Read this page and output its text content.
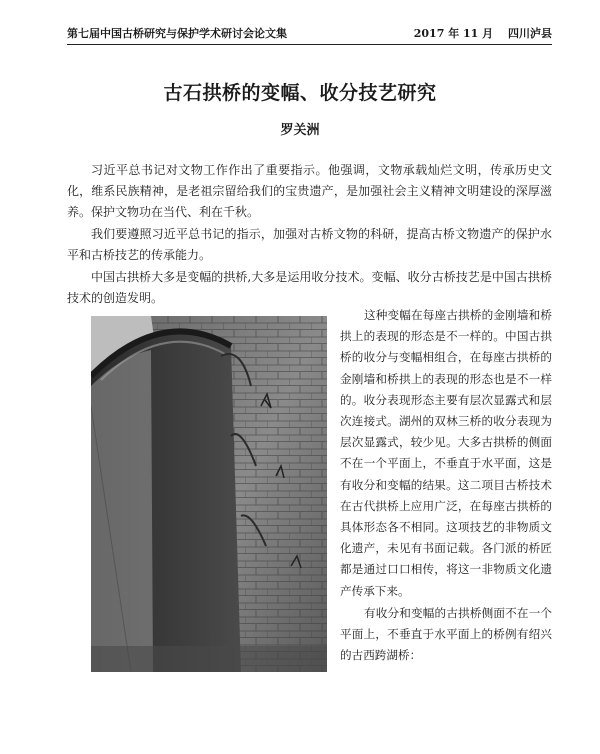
第七届中国古桥研究与保护学术研讨会论文集	2017 年 11 月　 四川泸县
古石拱桥的变幅、收分技艺研究
罗关洲

习近平总书记对文物工作作出了重要指示。他强调，文物承载灿烂文明，传承历史文化，维系民族精神，是老祖宗留给我们的宝贵遗产，是加强社会主义精神文明建设的深厚滋养。保护文物功在当代、利在千秋。

我们要遵照习近平总书记的指示，加强对古桥文物的科研，提高古桥文物遗产的保护水平和古桥技艺的传承能力。

中国古拱桥大多是变幅的拱桥,大多是运用收分技术。变幅、收分古桥技艺是中国古拱桥技术的创造发明。

这种变幅在每座古拱桥的金刚墙和桥拱上的表现的形态是不一样的。中国古拱桥的收分与变幅相组合，在每座古拱桥的金刚墙和桥拱上的表现的形态也是不一样的。收分表现形态主要有层次显露式和层次连接式。湖州的双林三桥的收分表现为层次显露式，较少见。大多古拱桥的侧面不在一个平面上，不垂直于水平面，这是有收分和变幅的结果。这二项目古桥技术在古代拱桥上应用广泛，在每座古拱桥的具体形态各不相同。这项技艺的非物质文化遗产，未见有书面记载。各门派的桥匠都是通过口口相传，将这一非物质文化遗产传承下来。

有收分和变幅的古拱桥侧面不在一个平面上，不垂直于水平面上的桥例有绍兴的古西跨湖桥：
